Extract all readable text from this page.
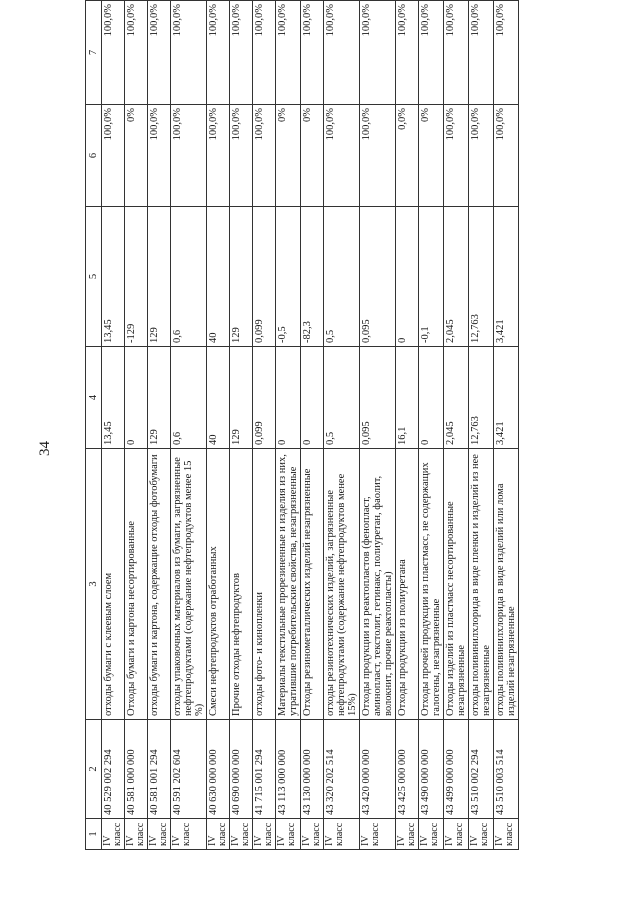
34
1	2	3	4	5	6	7
IV класс	40 529 002 294	отходы бумаги с клеевым слоем	13,45	13,45	100,0%	100,0%
IV класс	40 581 000 000	Отходы бумаги и картона несортированные	0	-129	0%	100,0%
IV класс	40 581 001 294	отходы бумаги и картона, содержащие отходы фотобумаги	129	129	100,0%	100,0%
IV класс	40 591 202 604	отходы упаковочных материалов из бумаги, загрязненные нефтепродуктами (содержание нефтепродуктов менее 15 %)	0,6	0,6	100,0%	100,0%
IV класс	40 630 000 000	Смеси нефтепродуктов отработанных	40	40	100,0%	100,0%
IV класс	40 690 000 000	Прочие отходы нефтепродуктов	129	129	100,0%	100,0%
IV класс	41 715 001 294	отходы фото- и кинопленки	0,099	0,099	100,0%	100,0%
IV класс	43 113 000 000	Материалы текстильные прорезиненные и изделия из них, утратившие потребительские свойства, незагрязненные	0	-0,5	0%	100,0%
IV класс	43 130 000 000	Отходы резинометаллических изделий незагрязненные	0	-82,3	0%	100,0%
IV класс	43 320 202 514	отходы резинотехнических изделий, загрязненные нефтепродуктами (содержание нефтепродуктов менее 15%)	0,5	0,5	100,0%	100,0%
IV класс	43 420 000 000	Отходы продукции из реактопластов (фенопласт, аминопласт, текстолит, гетинакс, полиуретан, фаолит, волокнит, прочие реактопласты)	0,095	0,095	100,0%	100,0%
IV класс	43 425 000 000	Отходы продукции из полиуретана	16,1	0	0,0%	100,0%
IV класс	43 490 000 000	Отходы прочей продукции из пластмасс, не содержащих галогены, незагрязненные	0	-0,1	0%	100,0%
IV класс	43 499 000 000	Отходы изделий из пластмасс несортированные незагрязненные	2,045	2,045	100,0%	100,0%
IV класс	43 510 002 294	отходы поливинилхлорида в виде пленки и изделий из нее незагрязненные	12,763	12,763	100,0%	100,0%
IV класс	43 510 003 514	отходы поливинилхлорида в виде изделий или лома изделий незагрязненные	3,421	3,421	100,0%	100,0%
